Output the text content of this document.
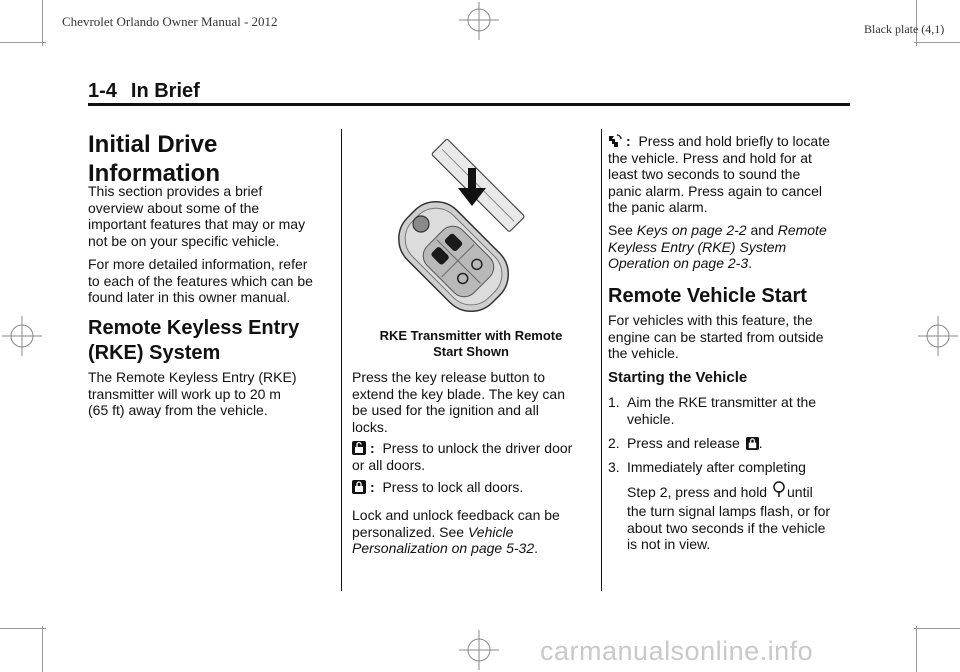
Chevrolet Orlando Owner Manual - 2012	Black plate (4,1)
1-4 In Brief
Initial Drive
Information
This section provides a brief
overview about some of the
important features that may or may
not be on your specific vehicle.
For more detailed information, refer
to each of the features which can be
found later in this owner manual.
Remote Keyless Entry
(RKE) System
The Remote Keyless Entry (RKE)
transmitter will work up to 20 m
(65 ft) away from the vehicle.
RKE Transmitter with Remote
Start Shown
Press the key release button to
extend the key blade. The key can
be used for the ignition and all
locks.
: Press to unlock the driver door
or all doors.
: Press to lock all doors.
Lock and unlock feedback can be
personalized. See Vehicle
Personalization on page 5-32.
: Press and hold briefly to locate
the vehicle. Press and hold for at
least two seconds to sound the
panic alarm. Press again to cancel
the panic alarm.
See Keys on page 2-2 and Remote
Keyless Entry (RKE) System
Operation on page 2-3.
Remote Vehicle Start
For vehicles with this feature, the
engine can be started from outside
the vehicle.
Starting the Vehicle
1. Aim the RKE transmitter at the
vehicle.
2. Press and release .
3. Immediately after completing
Step 2, press and hold until
the turn signal lamps flash, or for
about two seconds if the vehicle
is not in view.
carmanualsonline.info
